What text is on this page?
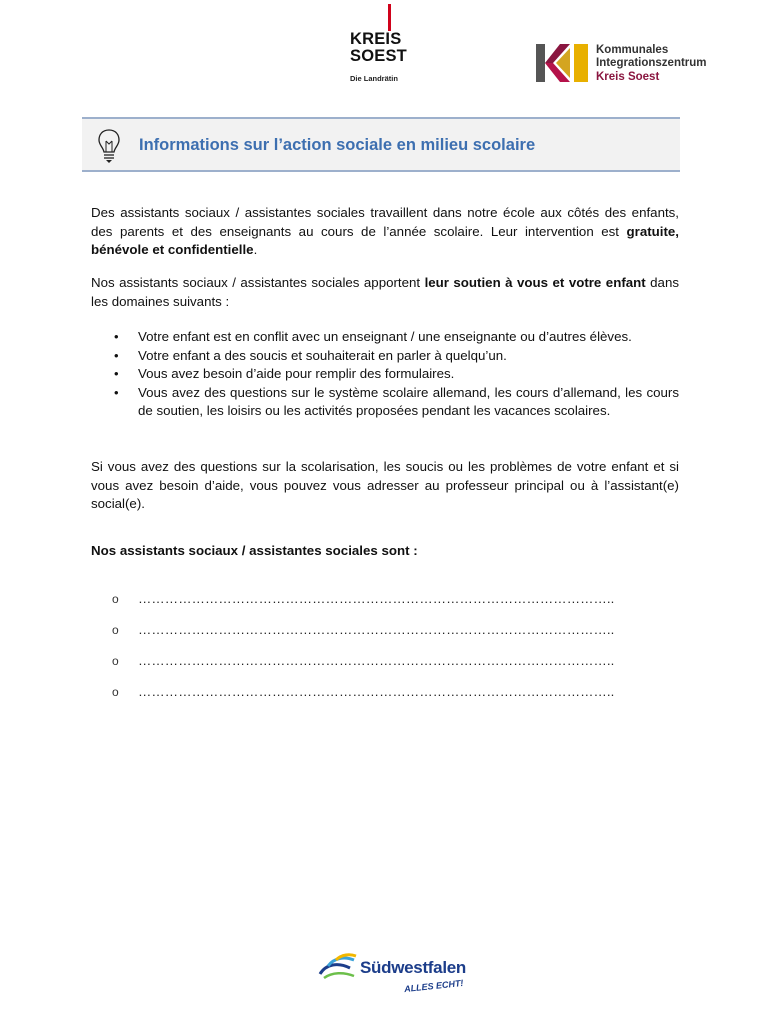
KREIS
SOEST
Die Landrätin
Kommunales
Integrationszentrum
Kreis Soest
Informations sur l’action sociale en milieu scolaire

Des assistants sociaux / assistantes sociales travaillent dans notre école aux côtés des enfants, des parents et des enseignants au cours de l’année scolaire. Leur intervention est gratuite, bénévole et confidentielle.

Nos assistants sociaux / assistantes sociales apportent leur soutien à vous et votre enfant dans les domaines suivants :

• Votre enfant est en conflit avec un enseignant / une enseignante ou d’autres élèves.
• Votre enfant a des soucis et souhaiterait en parler à quelqu’un.
• Vous avez besoin d’aide pour remplir des formulaires.
• Vous avez des questions sur le système scolaire allemand, les cours d’allemand, les cours de soutien, les loisirs ou les activités proposées pendant les vacances scolaires.

Si vous avez des questions sur la scolarisation, les soucis ou les problèmes de votre enfant et si vous avez besoin d’aide, vous pouvez vous adresser au professeur principal ou à l’assistant(e) social(e).

Nos assistants sociaux / assistantes sociales sont :

o	……………………………………………………………………………………………..
o	……………………………………………………………………………………………..
o	……………………………………………………………………………………………..
o	……………………………………………………………………………………………..
Südwestfalen
ALLES ECHT!
